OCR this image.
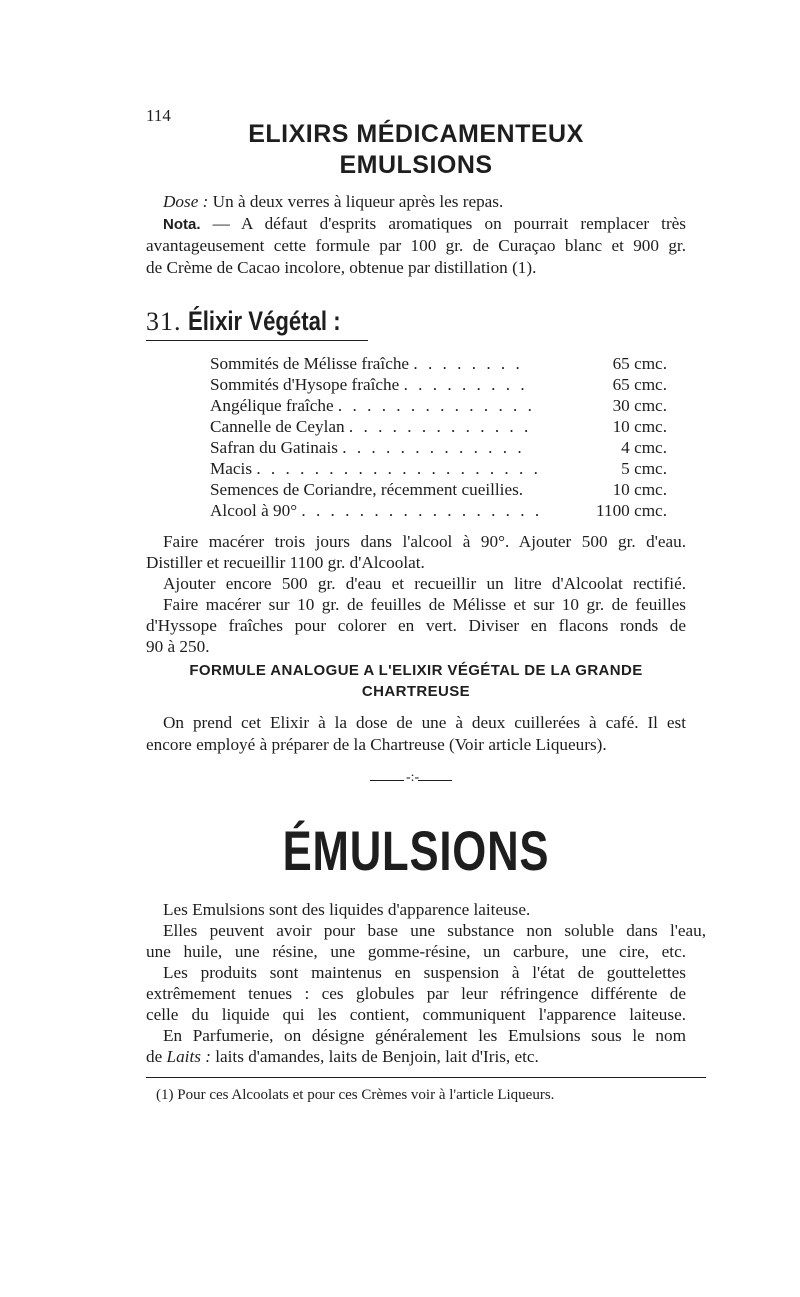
114
ELIXIRS MÉDICAMENTEUX
EMULSIONS
Dose : Un à deux verres à liqueur après les repas.
Nota. — A défaut d'esprits aromatiques on pourrait remplacer très
avantageusement cette formule par 100 gr. de Curaçao blanc et 900 gr.
de Crème de Cacao incolore, obtenue par distillation (1).
31. Élixir Végétal :
Sommités de Mélisse fraîche . . . . . . . .	65 cmc.
Sommités d'Hysope fraîche . . . . . . . . .	65 cmc.
Angélique fraîche . . . . . . . . . . . . . .	30 cmc.
Cannelle de Ceylan . . . . . . . . . . . . .	10 cmc.
Safran du Gatinais . . . . . . . . . . . . .	4 cmc.
Macis . . . . . . . . . . . . . . . . . . . .	5 cmc.
Semences de Coriandre, récemment cueillies.	10 cmc.
Alcool à 90° . . . . . . . . . . . . . . . . .	1100 cmc.
Faire macérer trois jours dans l'alcool à 90°. Ajouter 500 gr. d'eau.
Distiller et recueillir 1100 gr. d'Alcoolat.
Ajouter encore 500 gr. d'eau et recueillir un litre d'Alcoolat rectifié.
Faire macérer sur 10 gr. de feuilles de Mélisse et sur 10 gr. de feuilles
d'Hyssope fraîches pour colorer en vert. Diviser en flacons ronds de
90 à 250.
FORMULE ANALOGUE A L'ELIXIR VÉGÉTAL DE LA GRANDE
CHARTREUSE
On prend cet Elixir à la dose de une à deux cuillerées à café. Il est
encore employé à préparer de la Chartreuse (Voir article Liqueurs).
-:-
ÉMULSIONS
Les Emulsions sont des liquides d'apparence laiteuse.
Elles peuvent avoir pour base une substance non soluble dans l'eau,
une huile, une résine, une gomme-résine, un carbure, une cire, etc.
Les produits sont maintenus en suspension à l'état de gouttelettes
extrêmement tenues : ces globules par leur réfringence différente de
celle du liquide qui les contient, communiquent l'apparence laiteuse.
En Parfumerie, on désigne généralement les Emulsions sous le nom
de Laits : laits d'amandes, laits de Benjoin, lait d'Iris, etc.
(1) Pour ces Alcoolats et pour ces Crèmes voir à l'article Liqueurs.
